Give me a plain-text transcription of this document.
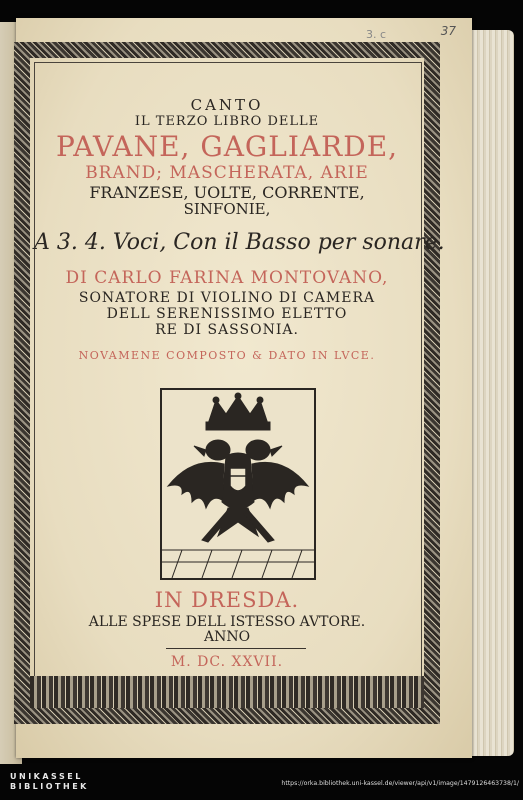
3. c	37
CANTO
IL TERZO LIBRO DELLE
PAVANE, GAGLIARDE,
BRAND; MASCHERATA, ARIE
FRANZESE, UOLTE, CORRENTE,
SINFONIE,
A 3. 4. Voci, Con il Basso per sonare.
DI CARLO FARINA MONTOVANO,
SONATORE DI VIOLINO DI CAMERA
DELL SERENISSIMO ELETTO
RE DI SASSONIA.
NOVAMENE COMPOSTO & DATO IN LVCE.
IN DRESDA.
ALLE SPESE DELL ISTESSO AVTORE.
ANNO
M. DC. XXVII.
UNIKASSEL
BIBLIOTHEK	https://orka.bibliothek.uni-kassel.de/viewer/api/v1/image/1479126463738/1/
